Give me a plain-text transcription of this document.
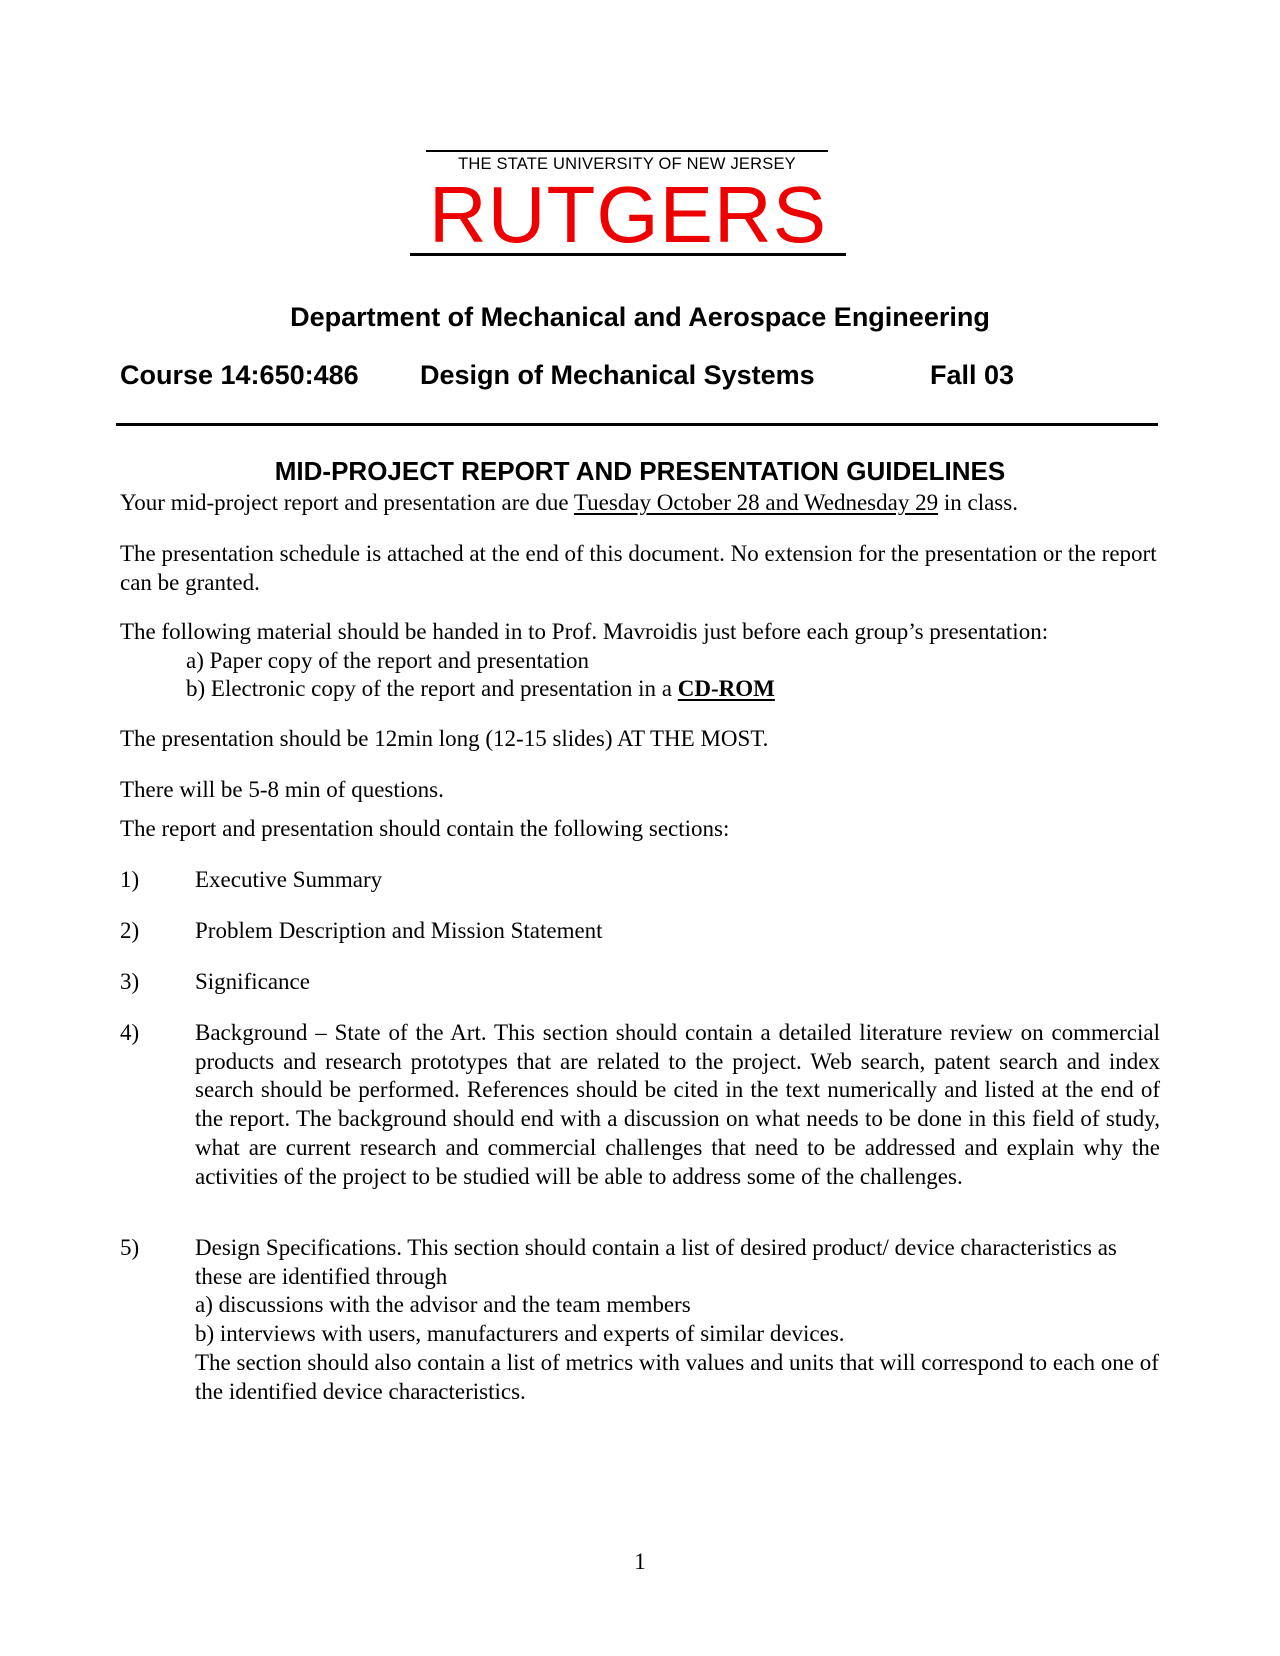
THE STATE UNIVERSITY OF NEW JERSEY
RUTGERS
Department of Mechanical and Aerospace Engineering
Course 14:650:486 Design of Mechanical Systems	Fall 03
MID-PROJECT REPORT AND PRESENTATION GUIDELINES

Your mid-project report and presentation are due Tuesday October 28 and Wednesday 29 in class.

The presentation schedule is attached at the end of this document. No extension for the presentation or the report can be granted.

The following material should be handed in to Prof. Mavroidis just before each group’s presentation:
a) Paper copy of the report and presentation
b) Electronic copy of the report and presentation in a CD-ROM

The presentation should be 12min long (12-15 slides) AT THE MOST.

There will be 5-8 min of questions.

The report and presentation should contain the following sections:

1)	Executive Summary
2)	Problem Description and Mission Statement
3)	Significance
4)	Background – State of the Art. This section should contain a detailed literature review on commercial products and research prototypes that are related to the project. Web search, patent search and index search should be performed. References should be cited in the text numerically and listed at the end of the report. The background should end with a discussion on what needs to be done in this field of study, what are current research and commercial challenges that need to be addressed and explain why the activities of the project to be studied will be able to address some of the challenges.
5)	Design Specifications. This section should contain a list of desired product/ device characteristics as these are identified through
a) discussions with the advisor and the team members
b) interviews with users, manufacturers and experts of similar devices.
The section should also contain a list of metrics with values and units that will correspond to each one of the identified device characteristics.
1
